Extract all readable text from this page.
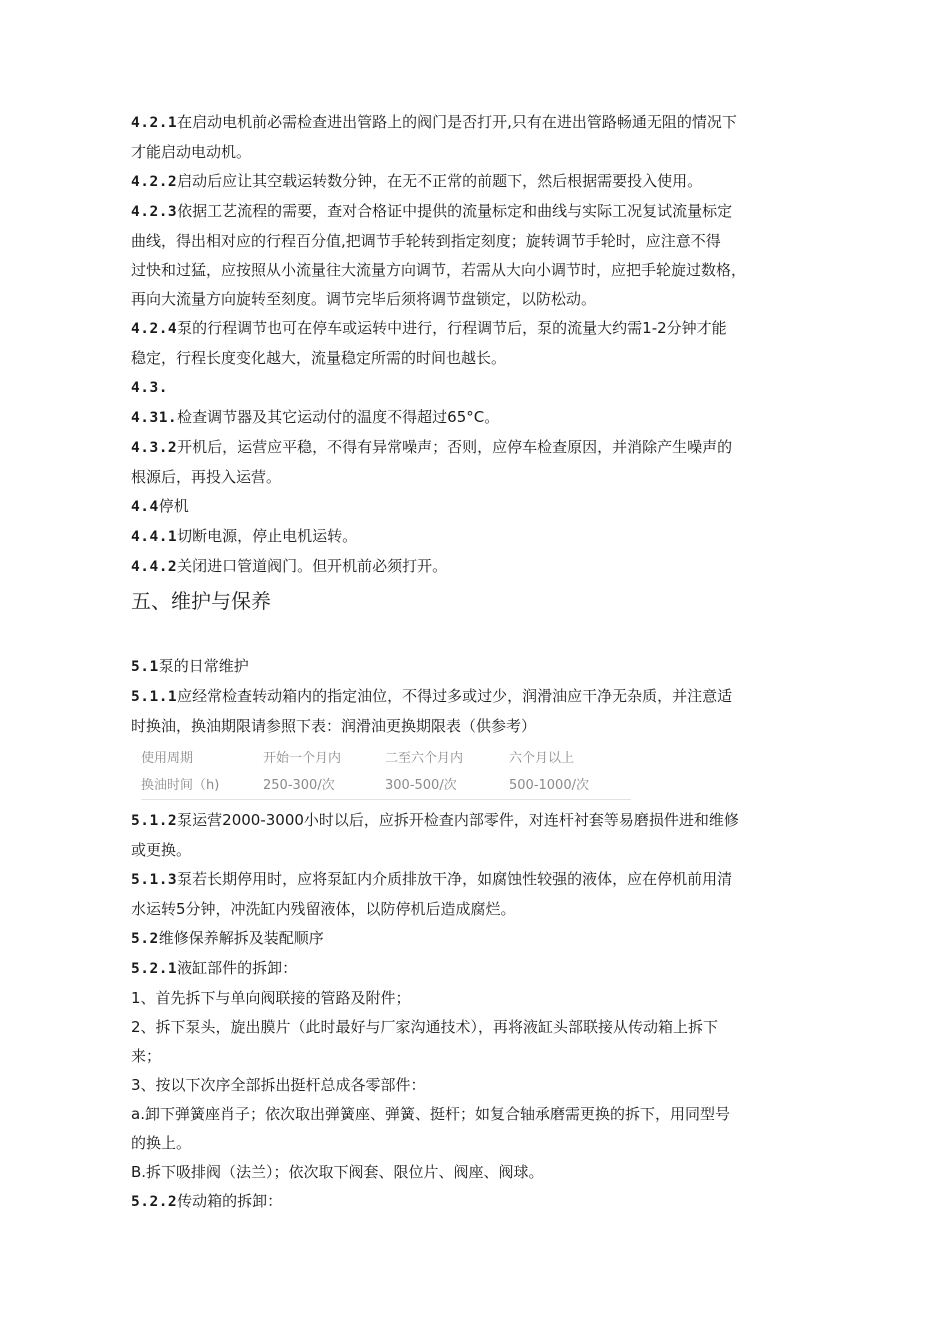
4.2.1在启动电机前必需检查进出管路上的阀门是否打开,只有在进出管路畅通无阻的情况下

才能启动电动机。

4.2.2启动后应让其空载运转数分钟，在无不正常的前题下，然后根据需要投入使用。

4.2.3依据工艺流程的需要，查对合格证中提供的流量标定和曲线与实际工况复试流量标定

曲线，得出相对应的行程百分值,把调节手轮转到指定刻度；旋转调节手轮时，应注意不得

过快和过猛，应按照从小流量往大流量方向调节，若需从大向小调节时，应把手轮旋过数格，

再向大流量方向旋转至刻度。调节完毕后须将调节盘锁定，以防松动。

4.2.4泵的行程调节也可在停车或运转中进行，行程调节后，泵的流量大约需1-2分钟才能

稳定，行程长度变化越大，流量稳定所需的时间也越长。

4.3.

4.31.检查调节器及其它运动付的温度不得超过65°C。

4.3.2开机后，运营应平稳，不得有异常噪声；否则，应停车检查原因，并消除产生噪声的

根源后，再投入运营。

4.4停机

4.4.1切断电源，停止电机运转。

4.4.2关闭进口管道阀门。但开机前必须打开。

五、维护与保养

5.1泵的日常维护

5.1.1应经常检查转动箱内的指定油位，不得过多或过少，润滑油应干净无杂质，并注意适

时换油，换油期限请参照下表：润滑油更换期限表（供参考）

使用周期	开始一个月内	二至六个月内	六个月以上
换油时间（h)	250-300/次	300-500/次	500-1000/次

5.1.2泵运营2000-3000小时以后，应拆开检查内部零件，对连杆衬套等易磨损件进和维修

或更换。

5.1.3泵若长期停用时，应将泵缸内介质排放干净，如腐蚀性较强的液体，应在停机前用清

水运转5分钟，冲洗缸内残留液体，以防停机后造成腐烂。

5.2维修保养解拆及装配顺序

5.2.1液缸部件的拆卸：

1、首先拆下与单向阀联接的管路及附件；

2、拆下泵头，旋出膜片（此时最好与厂家沟通技术），再将液缸头部联接从传动箱上拆下

来；

3、按以下次序全部拆出挺杆总成各零部件：

a.卸下弹簧座肖子；依次取出弹簧座、弹簧、挺杆；如复合轴承磨需更换的拆下，用同型号

的换上。

B.拆下吸排阀（法兰）；依次取下阀套、限位片、阀座、阀球。

5.2.2传动箱的拆卸：
